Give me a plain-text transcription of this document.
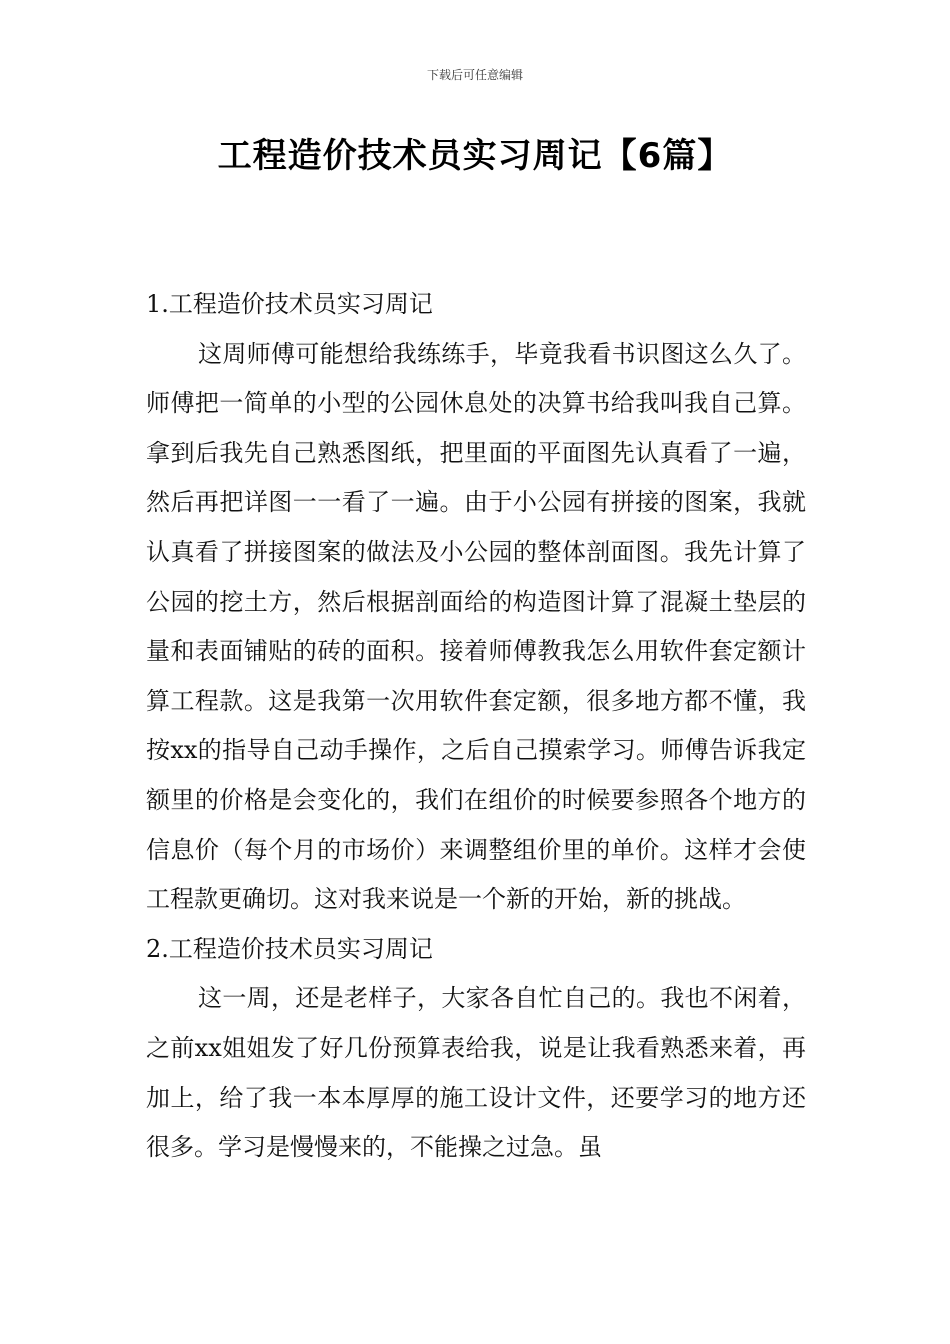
下载后可任意编辑
工程造价技术员实习周记【6篇】

1.工程造价技术员实习周记

这周师傅可能想给我练练手，毕竟我看书识图这么久了。师傅把一简单的小型的公园休息处的决算书给我叫我自己算。拿到后我先自己熟悉图纸，把里面的平面图先认真看了一遍，然后再把详图一一看了一遍。由于小公园有拼接的图案，我就认真看了拼接图案的做法及小公园的整体剖面图。我先计算了公园的挖土方，然后根据剖面给的构造图计算了混凝土垫层的量和表面铺贴的砖的面积。接着师傅教我怎么用软件套定额计算工程款。这是我第一次用软件套定额，很多地方都不懂，我按xx的指导自己动手操作，之后自己摸索学习。师傅告诉我定额里的价格是会变化的，我们在组价的时候要参照各个地方的信息价（每个月的市场价）来调整组价里的单价。这样才会使工程款更确切。这对我来说是一个新的开始，新的挑战。

2.工程造价技术员实习周记

这一周，还是老样子，大家各自忙自己的。我也不闲着，之前xx姐姐发了好几份预算表给我，说是让我看熟悉来着，再加上，给了我一本本厚厚的施工设计文件，还要学习的地方还很多。学习是慢慢来的，不能操之过急。虽
